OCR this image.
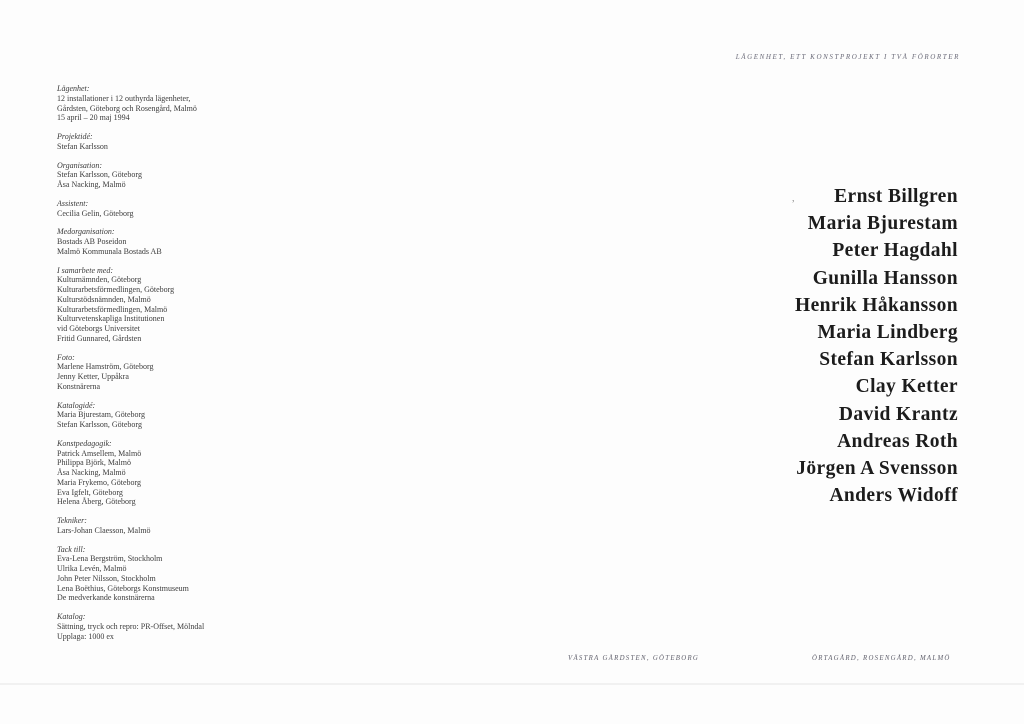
Lägenhet:
12 installationer i 12 outhyrda lägenheter,
Gårdsten, Göteborg och Rosengård, Malmö
15 april – 20 maj 1994
Projektidé:
Stefan Karlsson
Organisation:
Stefan Karlsson, Göteborg
Åsa Nacking, Malmö
Assistent:
Cecilia Gelin, Göteborg
Medorganisation:
Bostads AB Poseidon
Malmö Kommunala Bostads AB
I samarbete med:
Kulturnämnden, Göteborg
Kulturarbetsförmedlingen, Göteborg
Kulturstödsnämnden, Malmö
Kulturarbetsförmedlingen, Malmö
Kulturvetenskapliga Institutionen
vid Göteborgs Universitet
Fritid Gunnared, Gårdsten
Foto:
Marlene Hamström, Göteborg
Jenny Ketter, Uppåkra
Konstnärerna
Katalogidé:
Maria Bjurestam, Göteborg
Stefan Karlsson, Göteborg
Konstpedagogik:
Patrick Amsellem, Malmö
Philippa Björk, Malmö
Åsa Nacking, Malmö
Maria Frykemo, Göteborg
Eva Igfelt, Göteborg
Helena Åberg, Göteborg
Tekniker:
Lars-Johan Claesson, Malmö
Tack till:
Eva-Lena Bergström, Stockholm
Ulrika Levén, Malmö
John Peter Nilsson, Stockholm
Lena Boëthius, Göteborgs Konstmuseum
De medverkande konstnärerna
Katalog:
Sättning, tryck och repro: PR-Offset, Mölndal
Upplaga: 1000 ex
LÄGENHET, ETT KONSTPROJEKT I TVÅ FÖRORTER
,	Ernst Billgren
Maria Bjurestam
Peter Hagdahl
Gunilla Hansson
Henrik Håkansson
Maria Lindberg
Stefan Karlsson
Clay Ketter
David Krantz
Andreas Roth
Jörgen A Svensson
Anders Widoff
VÄSTRA GÅRDSTEN, GÖTEBORG	ÖRTAGÅRD, ROSENGÅRD, MALMÖ
